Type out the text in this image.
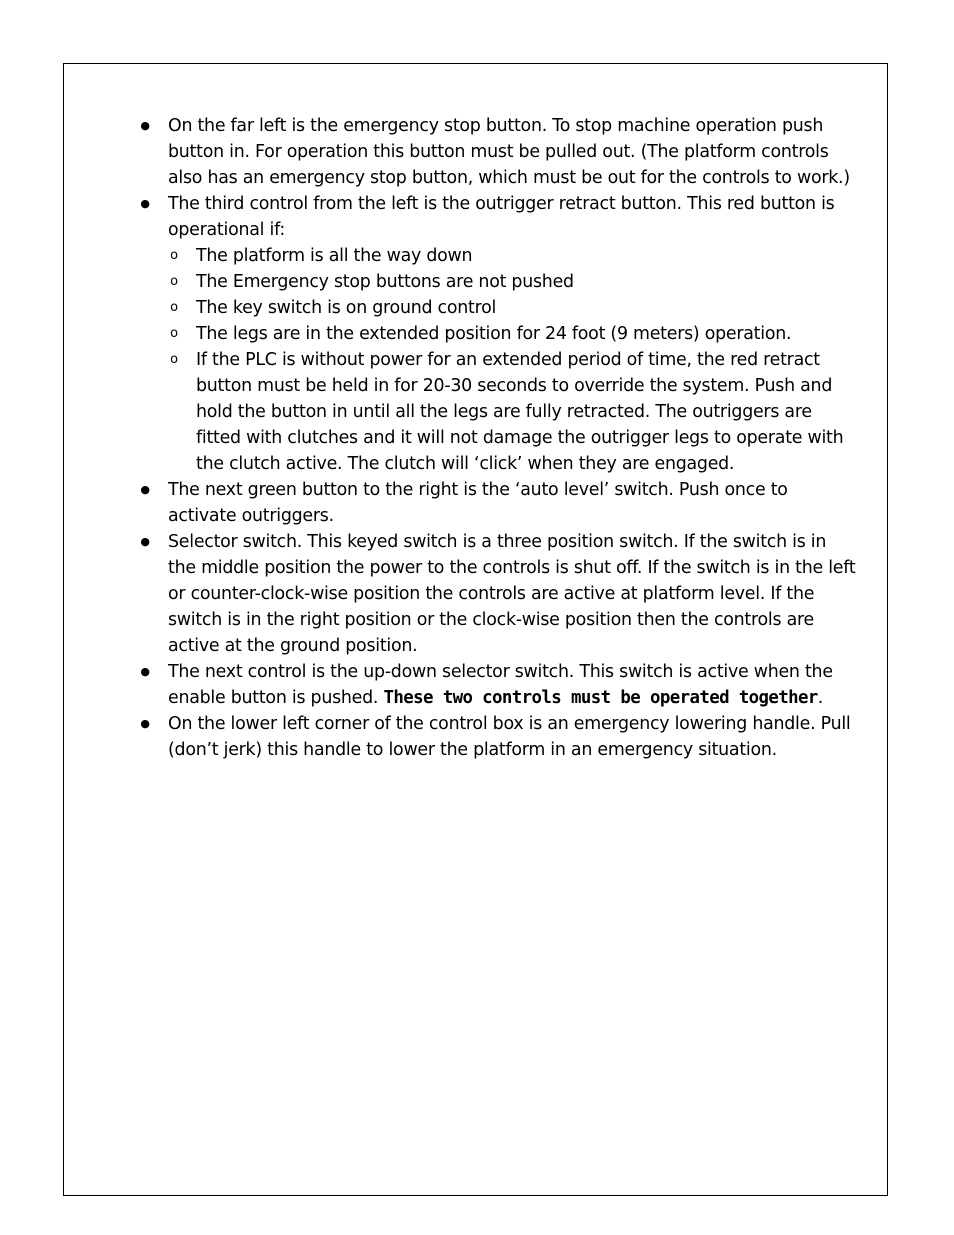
● On the far left is the emergency stop button. To stop machine operation push button in. For operation this button must be pulled out. (The platform controls also has an emergency stop button, which must be out for the controls to work.)
● The third control from the left is the outrigger retract button. This red button is operational if:
o The platform is all the way down
o The Emergency stop buttons are not pushed
o The key switch is on ground control
o The legs are in the extended position for 24 foot (9 meters) operation.
o If the PLC is without power for an extended period of time, the red retract button must be held in for 20-30 seconds to override the system. Push and hold the button in until all the legs are fully retracted. The outriggers are fitted with clutches and it will not damage the outrigger legs to operate with the clutch active. The clutch will ‘click’ when they are engaged.
● The next green button to the right is the ‘auto level’ switch. Push once to activate outriggers.
● Selector switch. This keyed switch is a three position switch. If the switch is in the middle position the power to the controls is shut off. If the switch is in the left or counter-clock-wise position the controls are active at platform level. If the switch is in the right position or the clock-wise position then the controls are active at the ground position.
● The next control is the up-down selector switch. This switch is active when the enable button is pushed. These two controls must be operated together.
● On the lower left corner of the control box is an emergency lowering handle. Pull (don’t jerk) this handle to lower the platform in an emergency situation.
